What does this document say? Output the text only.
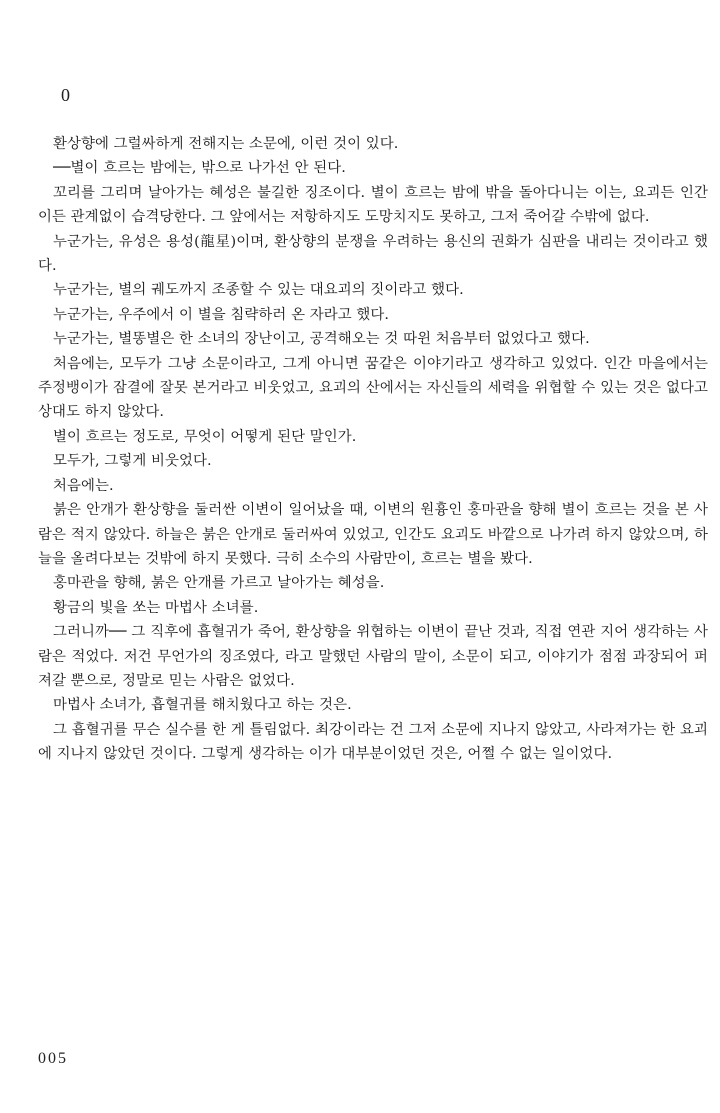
0

환상향에 그럴싸하게 전해지는 소문에, 이런 것이 있다.

──별이 흐르는 밤에는, 밖으로 나가선 안 된다.

꼬리를 그리며 날아가는 혜성은 불길한 징조이다. 별이 흐르는 밤에 밖을 돌아다니는 이는, 요괴든 인간이든 관계없이 습격당한다. 그 앞에서는 저항하지도 도망치지도 못하고, 그저 죽어갈 수밖에 없다.

누군가는, 유성은 용성(龍星)이며, 환상향의 분쟁을 우려하는 용신의 권화가 심판을 내리는 것이라고 했다.

누군가는, 별의 궤도까지 조종할 수 있는 대요괴의 짓이라고 했다.

누군가는, 우주에서 이 별을 침략하러 온 자라고 했다.

누군가는, 별똥별은 한 소녀의 장난이고, 공격해오는 것 따윈 처음부터 없었다고 했다.

처음에는, 모두가 그냥 소문이라고, 그게 아니면 꿈같은 이야기라고 생각하고 있었다. 인간 마을에서는 주정뱅이가 잠결에 잘못 본거라고 비웃었고, 요괴의 산에서는 자신들의 세력을 위협할 수 있는 것은 없다고 상대도 하지 않았다.

별이 흐르는 정도로, 무엇이 어떻게 된단 말인가.

모두가, 그렇게 비웃었다.

처음에는.

붉은 안개가 환상향을 둘러싼 이변이 일어났을 때, 이변의 원흉인 홍마관을 향해 별이 흐르는 것을 본 사람은 적지 않았다. 하늘은 붉은 안개로 둘러싸여 있었고, 인간도 요괴도 바깥으로 나가려 하지 않았으며, 하늘을 올려다보는 것밖에 하지 못했다. 극히 소수의 사람만이, 흐르는 별을 봤다.

홍마관을 향해, 붉은 안개를 가르고 날아가는 혜성을.

황금의 빛을 쏘는 마법사 소녀를.

그러니까── 그 직후에 흡혈귀가 죽어, 환상향을 위협하는 이변이 끝난 것과, 직접 연관 지어 생각하는 사람은 적었다. 저건 무언가의 징조였다, 라고 말했던 사람의 말이, 소문이 되고, 이야기가 점점 과장되어 퍼져갈 뿐으로, 정말로 믿는 사람은 없었다.

마법사 소녀가, 흡혈귀를 해치웠다고 하는 것은.

그 흡혈귀를 무슨 실수를 한 게 틀림없다. 최강이라는 건 그저 소문에 지나지 않았고, 사라져가는 한 요괴에 지나지 않았던 것이다. 그렇게 생각하는 이가 대부분이었던 것은, 어쩔 수 없는 일이었다.

005
